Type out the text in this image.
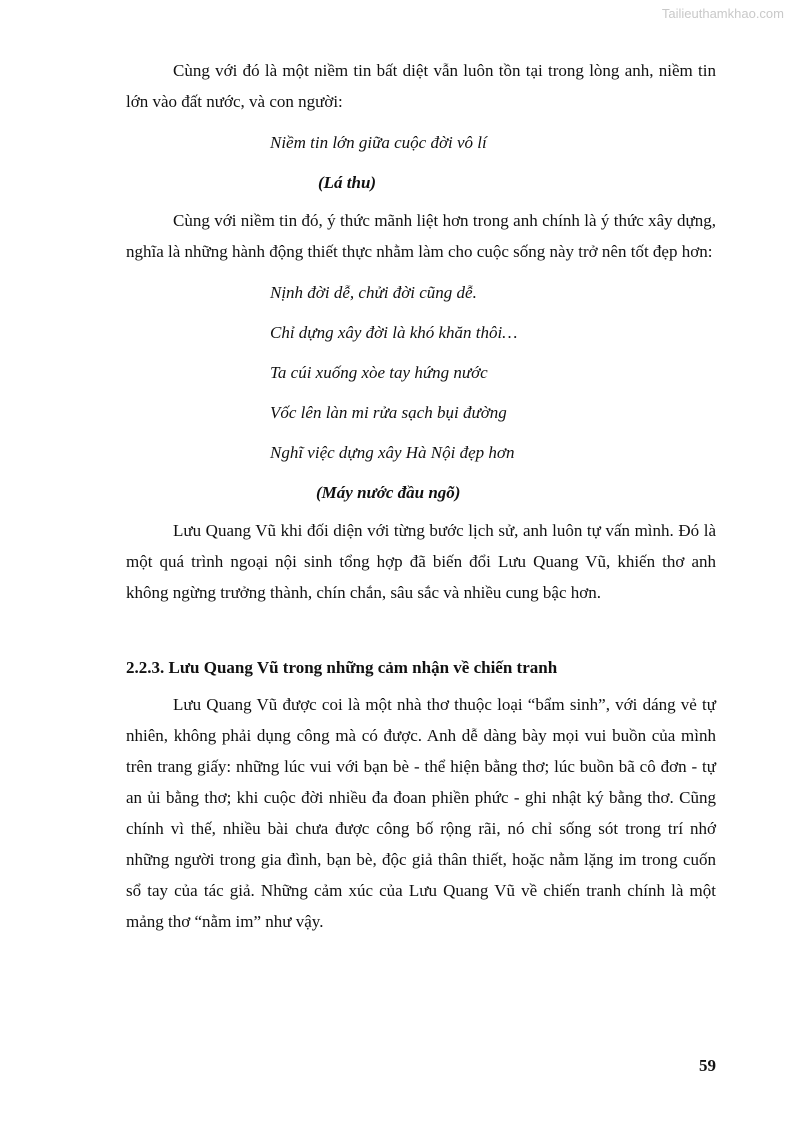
Tailieuthamkhao.com

Cùng với đó là một niềm tin bất diệt vẫn luôn tồn tại trong lòng anh, niềm tin lớn vào đất nước, và con người:

Niềm tin lớn giữa cuộc đời vô lí

(Lá thu)

Cùng với niềm tin đó, ý thức mãnh liệt hơn trong anh chính là ý thức xây dựng, nghĩa là những hành động thiết thực nhằm làm cho cuộc sống này trở nên tốt đẹp hơn:

Nịnh đời dễ, chửi đời cũng dễ.

Chỉ dựng xây đời là khó khăn thôi…

Ta cúi xuống xòe tay hứng nước

Vốc lên làn mi rửa sạch bụi đường

Nghĩ việc dựng xây Hà Nội đẹp hơn

(Máy nước đầu ngõ)

Lưu Quang Vũ khi đối diện với từng bước lịch sử, anh luôn tự vấn mình. Đó là một quá trình ngoại nội sinh tổng hợp đã biến đổi Lưu Quang Vũ, khiến thơ anh không ngừng trưởng thành, chín chắn, sâu sắc và nhiều cung bậc hơn.

2.2.3. Lưu Quang Vũ trong những cảm nhận về chiến tranh

Lưu Quang Vũ được coi là một nhà thơ thuộc loại “bẩm sinh”, với dáng vẻ tự nhiên, không phải dụng công mà có được. Anh dễ dàng bày mọi vui buồn của mình trên trang giấy: những lúc vui với bạn bè - thể hiện bằng thơ; lúc buồn bã cô đơn - tự an ủi bằng thơ; khi cuộc đời nhiều đa đoan phiền phức - ghi nhật ký bằng thơ. Cũng chính vì thế, nhiều bài chưa được công bố rộng rãi, nó chỉ sống sót trong trí nhớ những người trong gia đình, bạn bè, độc giả thân thiết, hoặc nằm lặng im trong cuốn sổ tay của tác giả. Những cảm xúc của Lưu Quang Vũ về chiến tranh chính là một mảng thơ “nằm im” như vậy.

59
